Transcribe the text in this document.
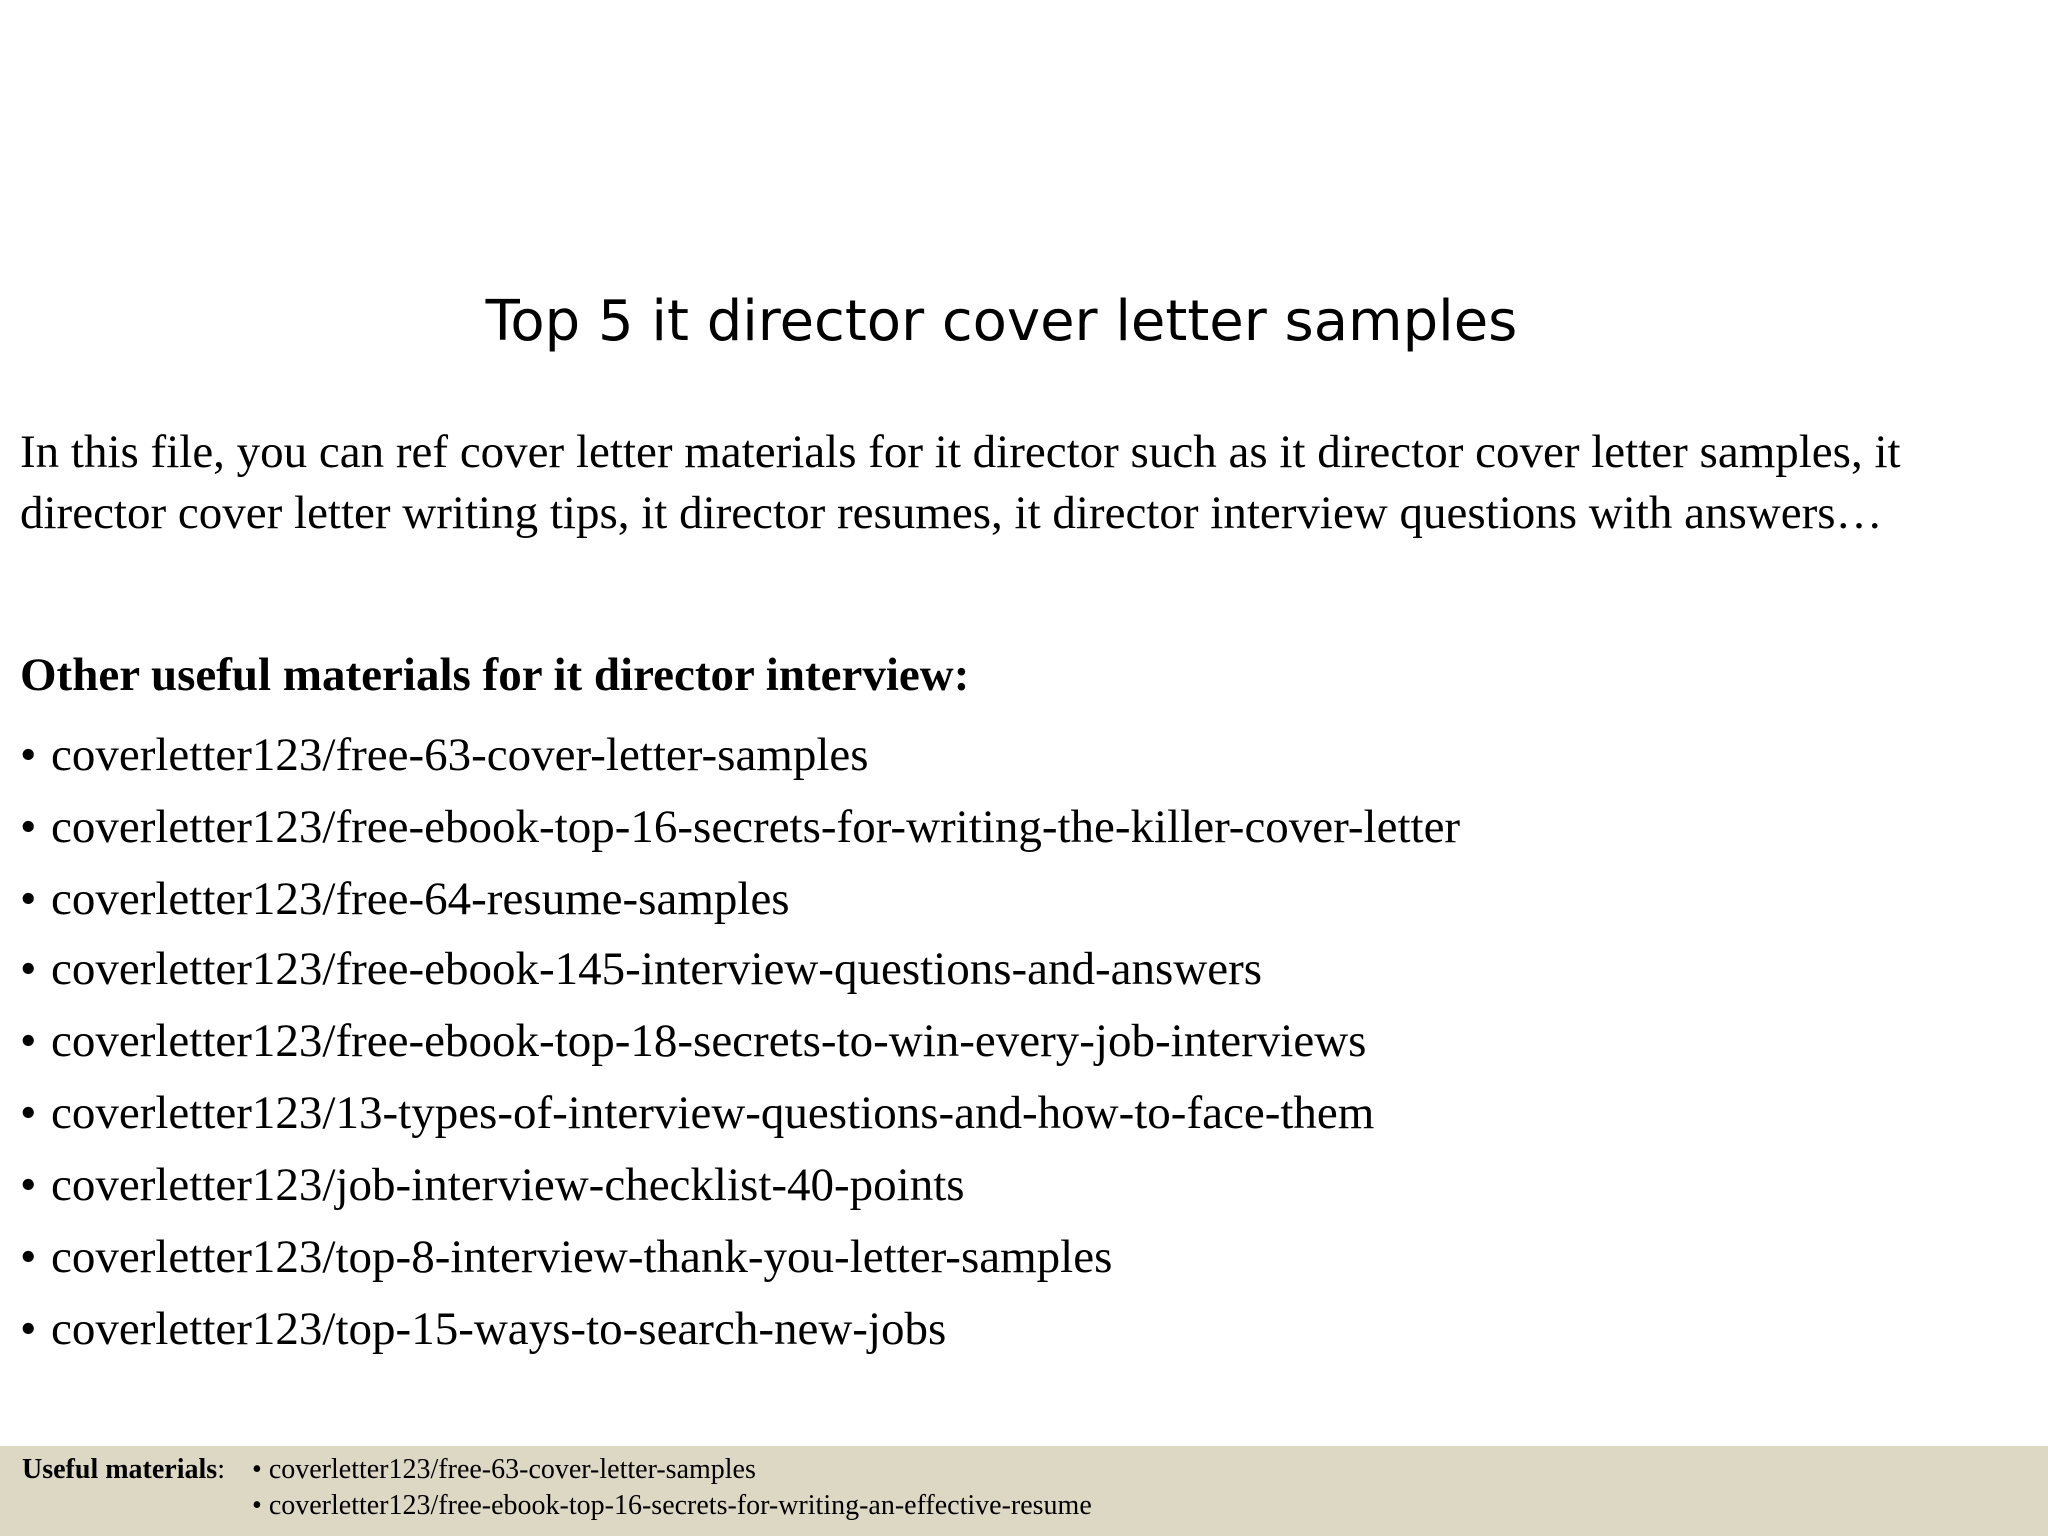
Top 5 it director cover letter samples

In this file, you can ref cover letter materials for it director such as it director cover letter samples, it director cover letter writing tips, it director resumes, it director interview questions with answers…

Other useful materials for it director interview:
• coverletter123/free-63-cover-letter-samples
• coverletter123/free-ebook-top-16-secrets-for-writing-the-killer-cover-letter
• coverletter123/free-64-resume-samples
• coverletter123/free-ebook-145-interview-questions-and-answers
• coverletter123/free-ebook-top-18-secrets-to-win-every-job-interviews
• coverletter123/13-types-of-interview-questions-and-how-to-face-them
• coverletter123/job-interview-checklist-40-points
• coverletter123/top-8-interview-thank-you-letter-samples
• coverletter123/top-15-ways-to-search-new-jobs
Useful materials: • coverletter123/free-63-cover-letter-samples
• coverletter123/free-ebook-top-16-secrets-for-writing-an-effective-resume
